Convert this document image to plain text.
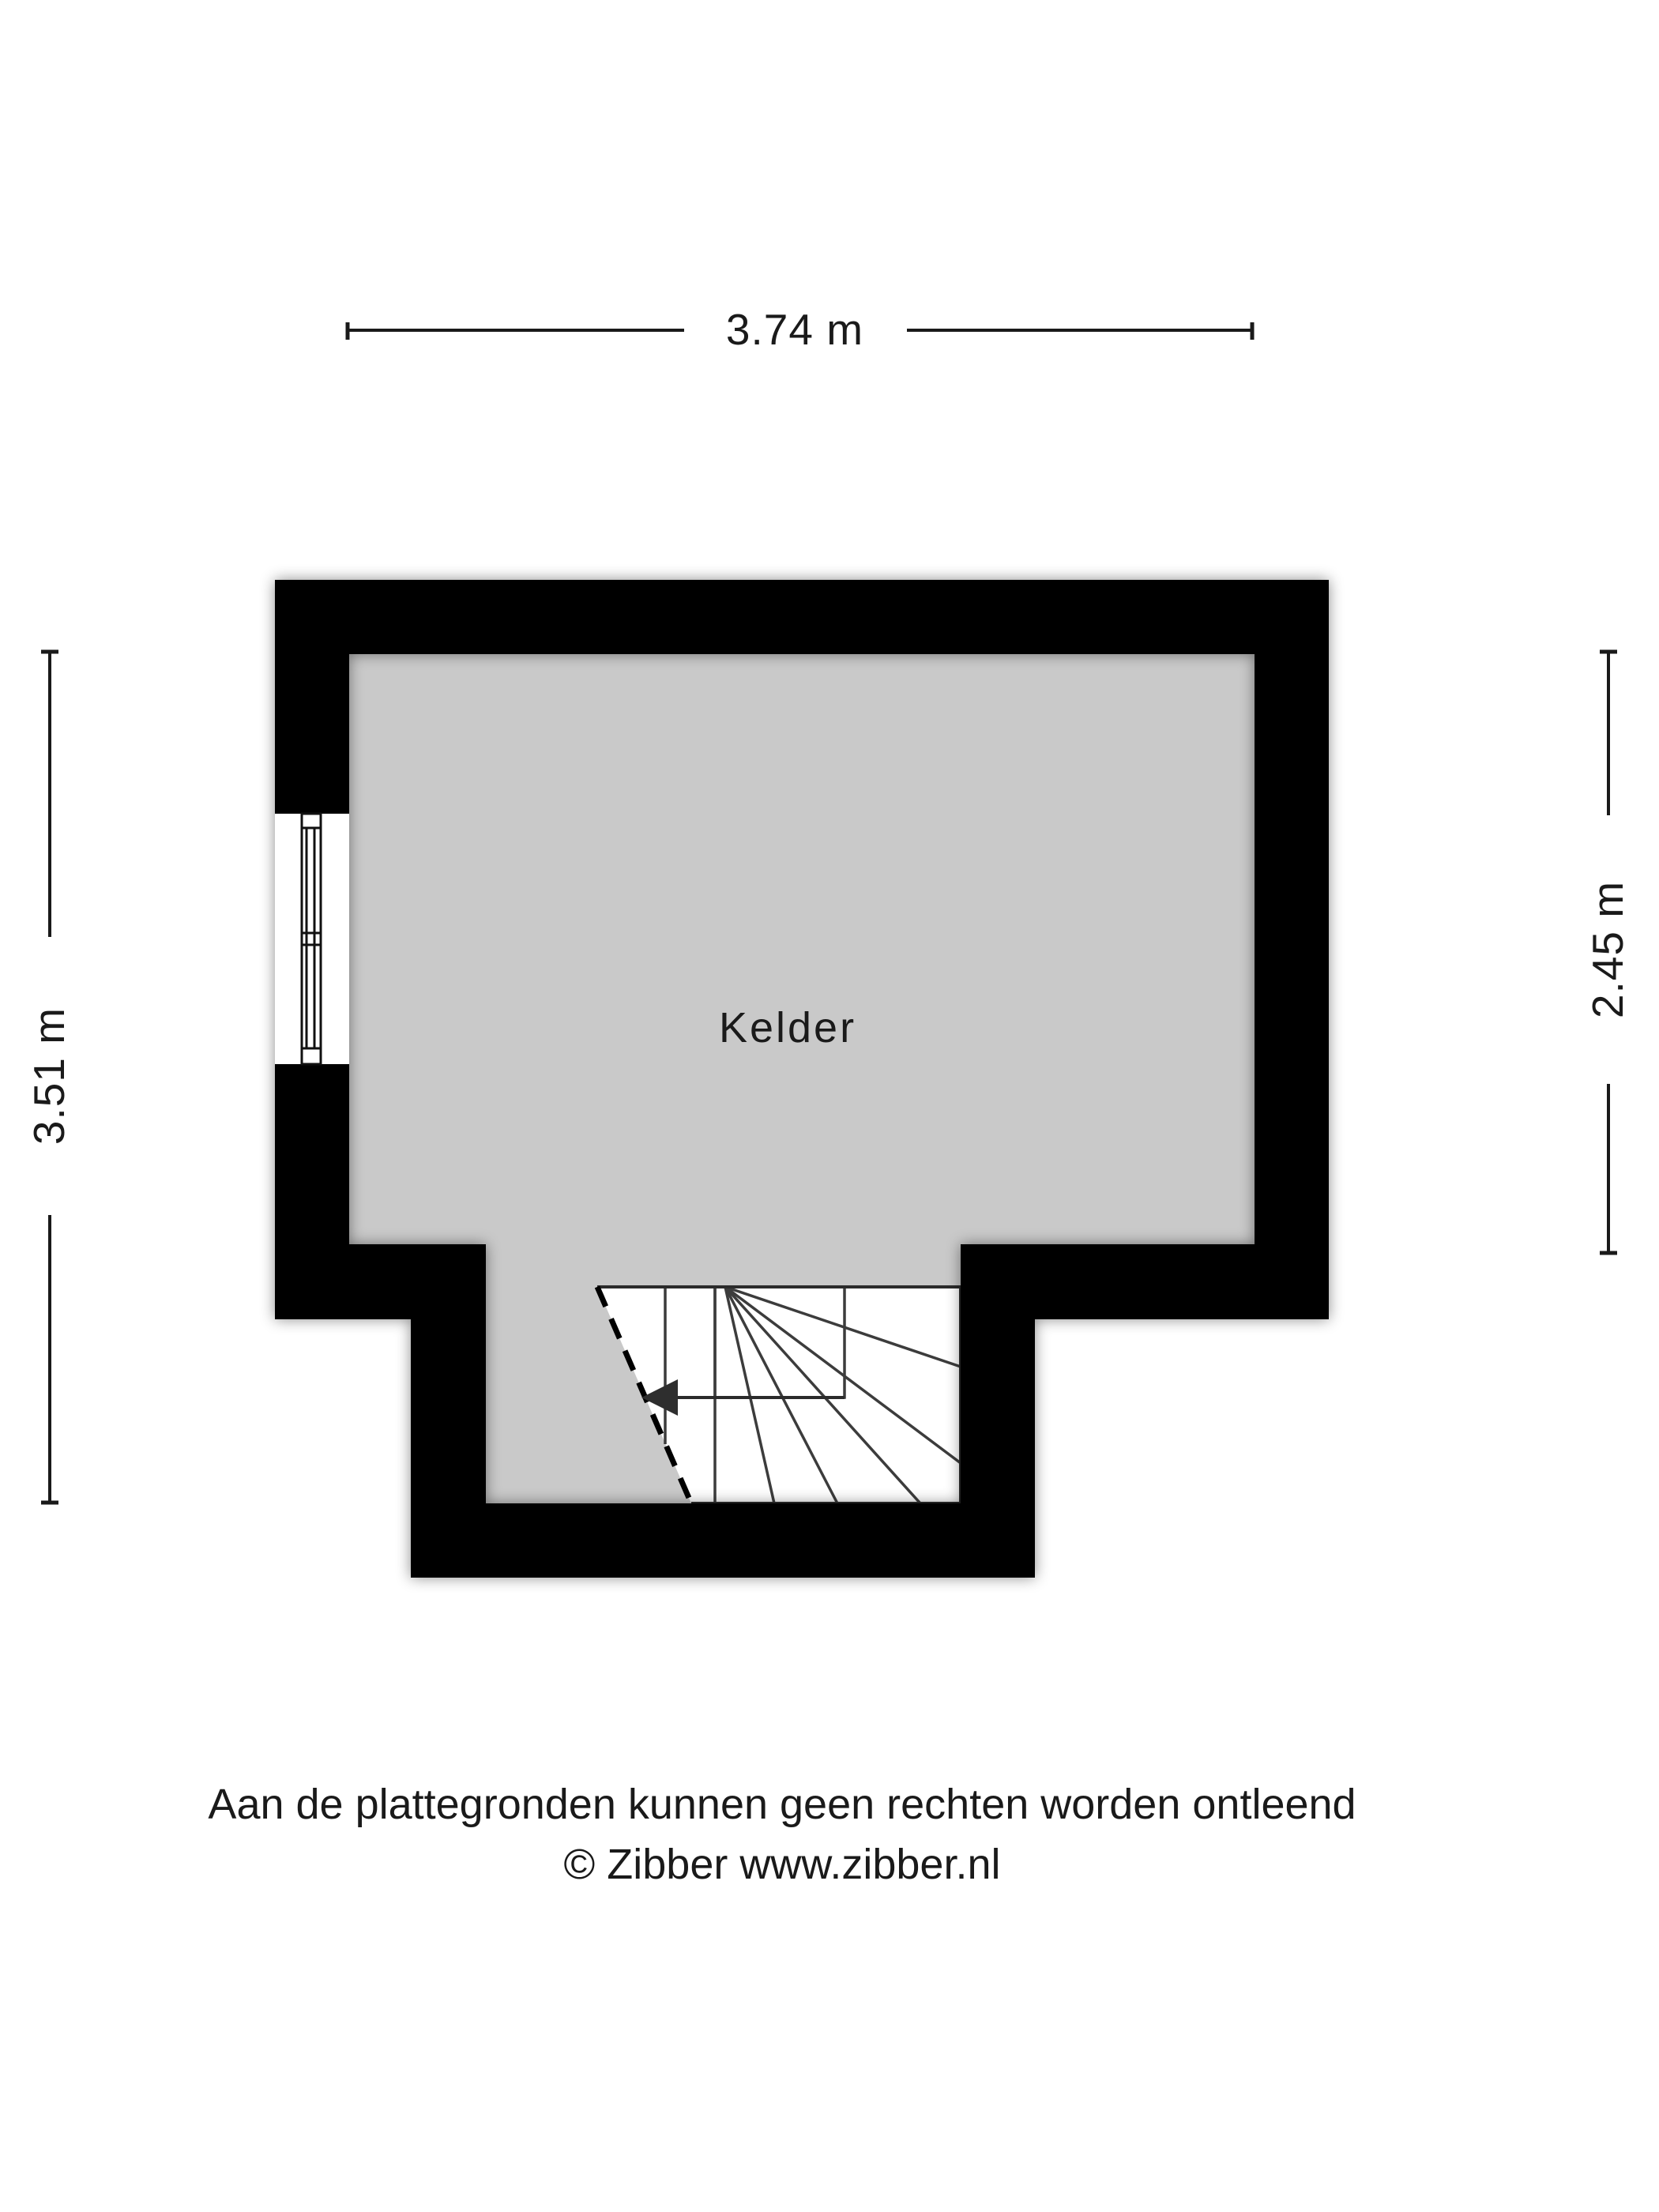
3.74 m
3.51 m
2.45 m
Kelder
Aan de plattegronden kunnen geen rechten worden ontleend
© Zibber www.zibber.nl
